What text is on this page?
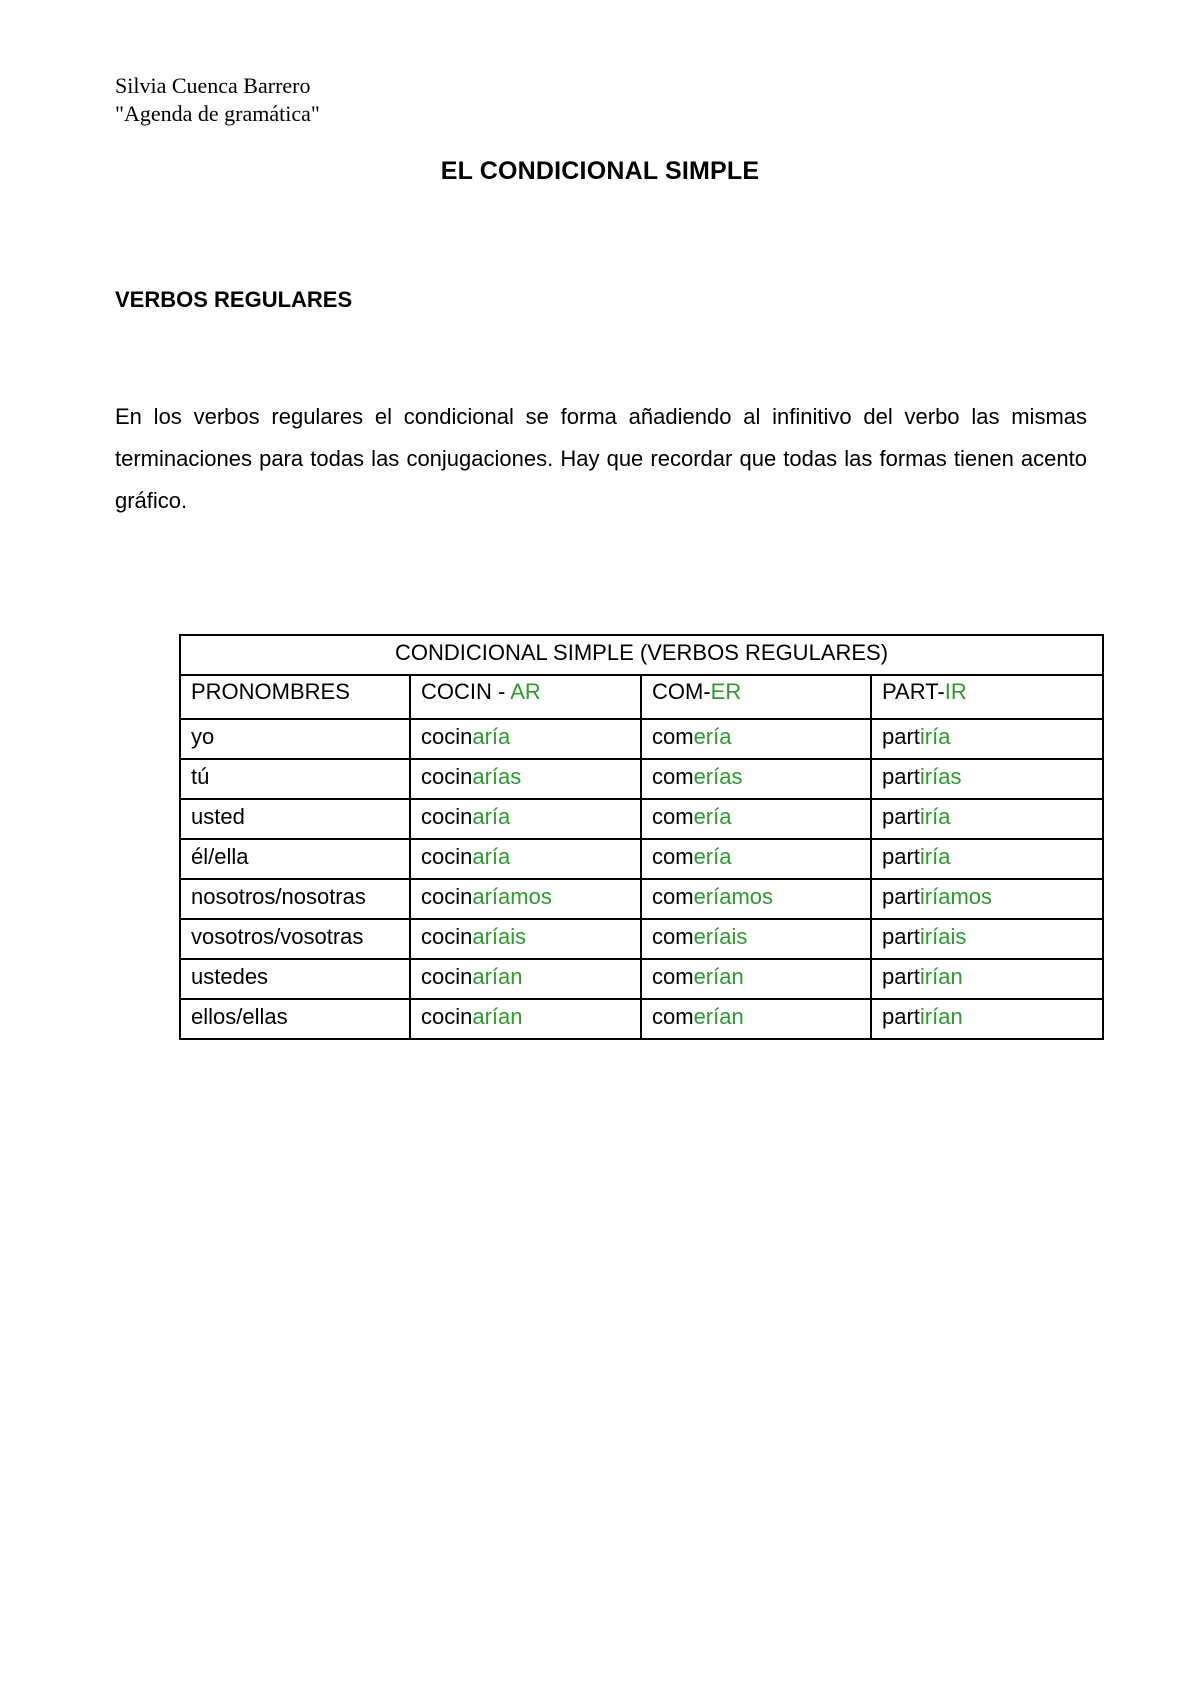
Silvia Cuenca Barrero
"Agenda de gramática"
EL CONDICIONAL SIMPLE
VERBOS REGULARES
En los verbos regulares el condicional se forma añadiendo al infinitivo del verbo las mismas terminaciones para todas las conjugaciones. Hay que recordar que todas las formas tienen acento gráfico.
CONDICIONAL SIMPLE (VERBOS REGULARES)			
PRONOMBRES	COCIN - AR	COM-ER	PART-IR
yo	cocinaría	comería	partiría
tú	cocinarías	comerías	partirías
usted	cocinaría	comería	partiría
él/ella	cocinaría	comería	partiría
nosotros/nosotras	cocinaríamos	comeríamos	partiríamos
vosotros/vosotras	cocinaríais	comeríais	partiríais
ustedes	cocinarían	comerían	partirían
ellos/ellas	cocinarían	comerían	partirían
